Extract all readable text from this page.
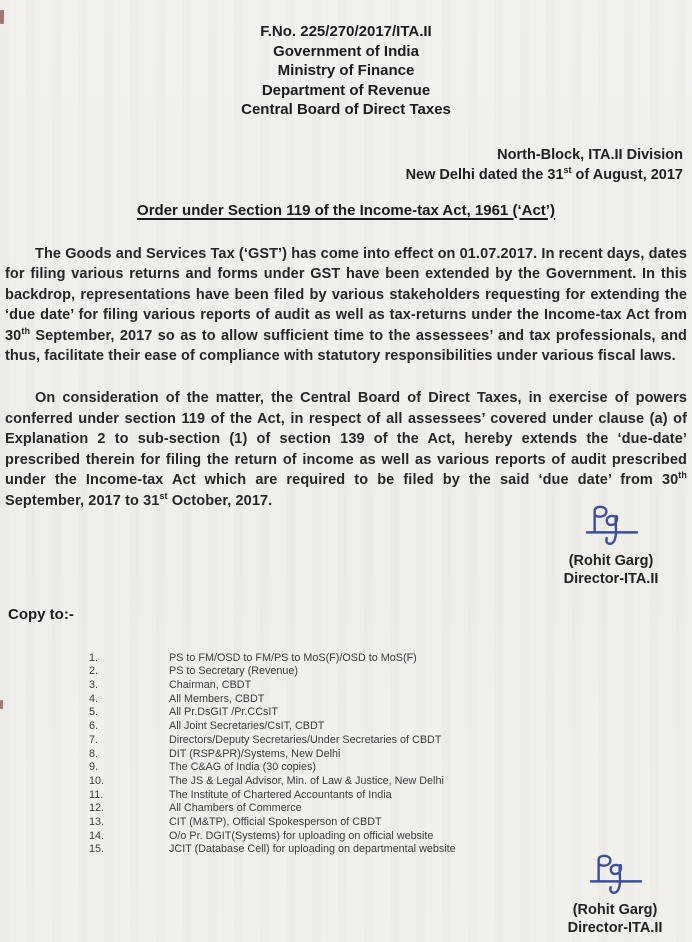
F.No. 225/270/2017/ITA.II
Government of India
Ministry of Finance
Department of Revenue
Central Board of Direct Taxes
North-Block, ITA.II Division
New Delhi dated the 31st of August, 2017
Order under Section 119 of the Income-tax Act, 1961 (‘Act’)

The Goods and Services Tax (‘GST’) has come into effect on 01.07.2017. In recent days, dates for filing various returns and forms under GST have been extended by the Government. In this backdrop, representations have been filed by various stakeholders requesting for extending the ‘due date’ for filing various reports of audit as well as tax-returns under the Income-tax Act from 30th September, 2017 so as to allow sufficient time to the assessees’ and tax professionals, and thus, facilitate their ease of compliance with statutory responsibilities under various fiscal laws.

On consideration of the matter, the Central Board of Direct Taxes, in exercise of powers conferred under section 119 of the Act, in respect of all assessees’ covered under clause (a) of Explanation 2 to sub-section (1) of section 139 of the Act, hereby extends the ‘due-date’ prescribed therein for filing the return of income as well as various reports of audit prescribed under the Income-tax Act which are required to be filed by the said ‘due date’ from 30th September, 2017 to 31st October, 2017.

(Rohit Garg)
Director-ITA.II
Copy to:-
1.	PS to FM/OSD to FM/PS to MoS(F)/OSD to MoS(F)
2.	PS to Secretary (Revenue)
3.	Chairman, CBDT
4.	All Members, CBDT
5.	All Pr.DsGIT /Pr.CCsIT
6.	All Joint Secretaries/CsIT, CBDT
7.	Directors/Deputy Secretaries/Under Secretaries of CBDT
8.	DIT (RSP&PR)/Systems, New Delhi
9.	The C&AG of India (30 copies)
10.	The JS & Legal Advisor, Min. of Law & Justice, New Delhi
11.	The Institute of Chartered Accountants of India
12.	All Chambers of Commerce
13.	CIT (M&TP), Official Spokesperson of CBDT
14.	O/o Pr. DGIT(Systems) for uploading on official website
15.	JCIT (Database Cell) for uploading on departmental website
(Rohit Garg)
Director-ITA.II
